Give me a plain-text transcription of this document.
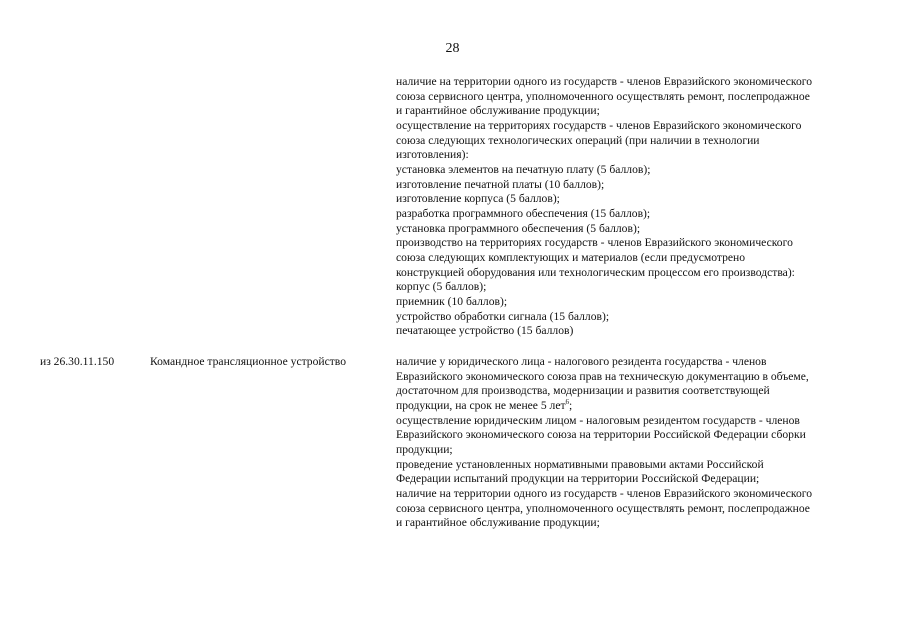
28
наличие на территории одного из государств - членов Евразийского экономического
союза сервисного центра, уполномоченного осуществлять ремонт, послепродажное
и гарантийное обслуживание продукции;
осуществление на территориях государств - членов Евразийского экономического
союза следующих технологических операций (при наличии в технологии
изготовления):
установка элементов на печатную плату (5 баллов);
изготовление печатной платы (10 баллов);
изготовление корпуса (5 баллов);
разработка программного обеспечения (15 баллов);
установка программного обеспечения (5 баллов);
производство на территориях государств - членов Евразийского экономического
союза следующих комплектующих и материалов (если предусмотрено
конструкцией оборудования или технологическим процессом его производства):
корпус (5 баллов);
приемник (10 баллов);
устройство обработки сигнала (15 баллов);
печатающее устройство (15 баллов)
из 26.30.11.150	Командное трансляционное устройство	наличие у юридического лица - налогового резидента государства - членов
Евразийского экономического союза прав на техническую документацию в объеме,
достаточном для производства, модернизации и развития соответствующей
продукции, на срок не менее 5 лет$^6$;
осуществление юридическим лицом - налоговым резидентом государств - членов
Евразийского экономического союза на территории Российской Федерации сборки
продукции;
проведение установленных нормативными правовыми актами Российской
Федерации испытаний продукции на территории Российской Федерации;
наличие на территории одного из государств - членов Евразийского экономического
союза сервисного центра, уполномоченного осуществлять ремонт, послепродажное
и гарантийное обслуживание продукции;
